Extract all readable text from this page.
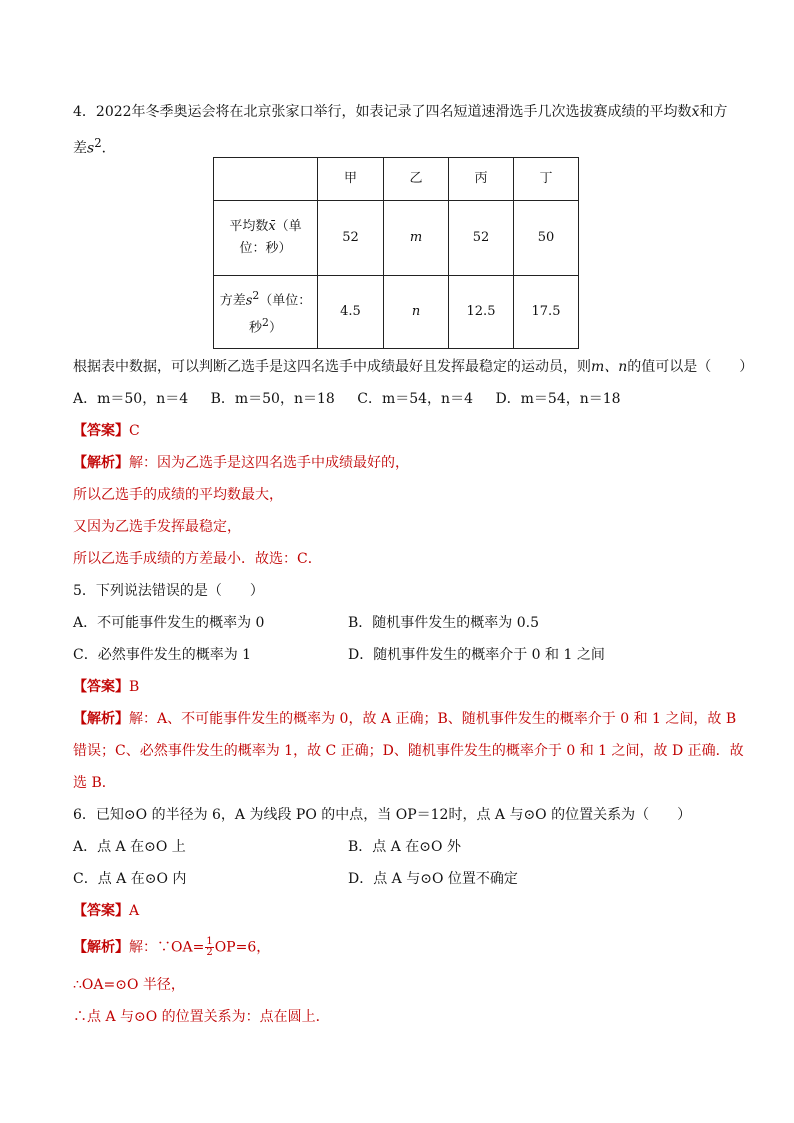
4．2022年冬季奥运会将在北京张家口举行，如表记录了四名短道速滑选手几次选拔赛成绩的平均数x̄和方
差$s^2$．
	甲	乙	丙	丁
平均数x̄（单位：秒）	52	m	52	50
方差$s^2$（单位：秒$^2$）	4.5	n	12.5	17.5
根据表中数据，可以判断乙选手是这四名选手中成绩最好且发挥最稳定的运动员，则m、n的值可以是（　　）
A．m＝50，n＝4 B．m＝50，n＝18 C．m＝54，n＝4 D．m＝54，n＝18
【答案】C
【解析】解：因为乙选手是这四名选手中成绩最好的，
所以乙选手的成绩的平均数最大，
又因为乙选手发挥最稳定，
所以乙选手成绩的方差最小．故选：C．
5．下列说法错误的是（　　）
A．不可能事件发生的概率为 0	B．随机事件发生的概率为 0.5
C．必然事件发生的概率为 1	D．随机事件发生的概率介于 0 和 1 之间
【答案】B
【解析】解：A、不可能事件发生的概率为 0，故 A 正确；B、随机事件发生的概率介于 0 和 1 之间，故 B
错误；C、必然事件发生的概率为 1，故 C 正确；D、随机事件发生的概率介于 0 和 1 之间，故 D 正确．故
选 B．
6．已知⊙O 的半径为 6，A 为线段 PO 的中点，当 OP＝12时，点 A 与⊙O 的位置关系为（　　）
A．点 A 在⊙O 上	B．点 A 在⊙O 外
C．点 A 在⊙O 内	D．点 A 与⊙O 位置不确定
【答案】A
【解析】解：∵OA= $\frac{1}{2} OP=6$，
∴OA=⊙O 半径，
∴点 A 与⊙O 的位置关系为：点在圆上．
